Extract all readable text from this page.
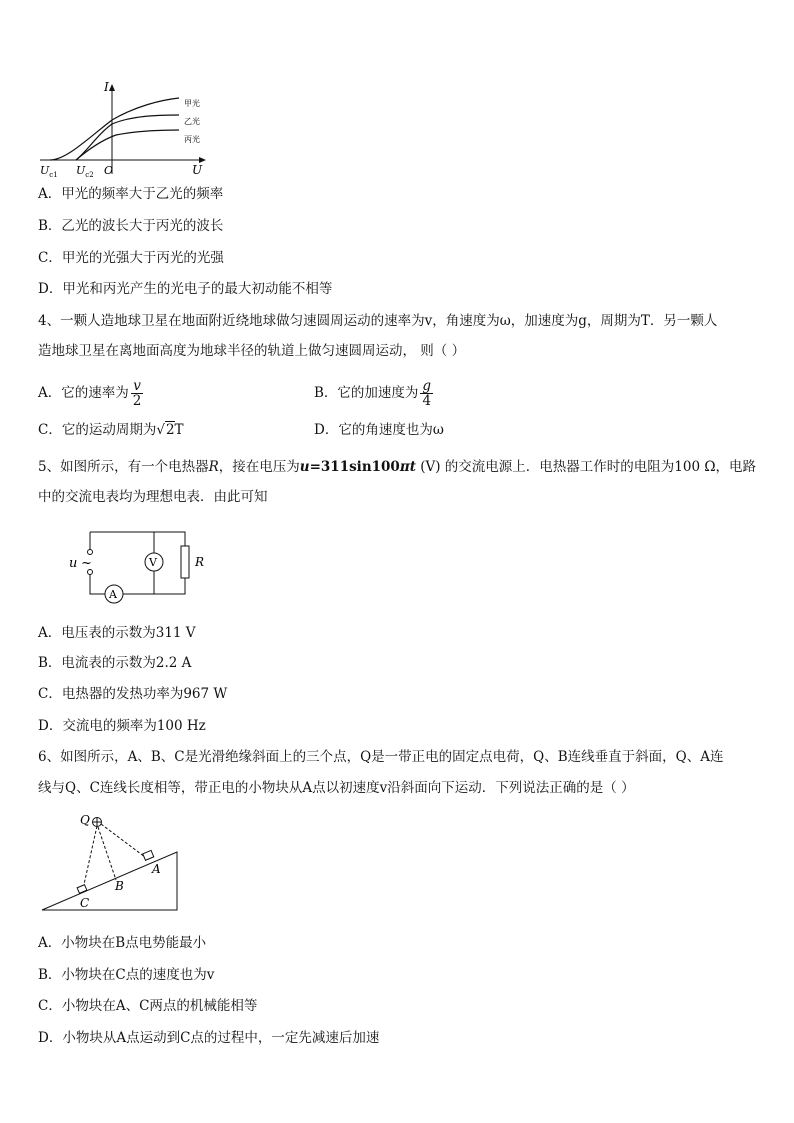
I
U
O
$U_{c1}$ $U_{c2}$
甲光
乙光
丙光
A．甲光的频率大于乙光的频率
B．乙光的波长大于丙光的波长
C．甲光的光强大于丙光的光强
D．甲光和丙光产生的光电子的最大初动能不相等
4、一颗人造地球卫星在地面附近绕地球做匀速圆周运动的速率为v，角速度为ω，加速度为g，周期为T．另一颗人
造地球卫星在离地面高度为地球半径的轨道上做匀速圆周运动， 则（ ）
A．它的速率为 $\frac{v}{2}$	B．它的加速度为 $\frac{g}{4}$
C．它的运动周期为√2T	D．它的角速度也为ω
5、如图所示，有一个电热器R，接在电压为u=311sin100πt (V) 的交流电源上．电热器工作时的电阻为100 Ω，电路
中的交流电表均为理想电表．由此可知
u ~	V	R
A
A．电压表的示数为311 V
B．电流表的示数为2.2 A
C．电热器的发热功率为967 W
D．交流电的频率为100 Hz
6、如图所示，A、B、C是光滑绝缘斜面上的三个点，Q是一带正电的固定点电荷，Q、B连线垂直于斜面，Q、A连
线与Q、C连线长度相等，带正电的小物块从A点以初速度v沿斜面向下运动．下列说法正确的是（ ）
Q
A
B
C
A．小物块在B点电势能最小
B．小物块在C点的速度也为v
C．小物块在A、C两点的机械能相等
D．小物块从A点运动到C点的过程中，一定先减速后加速
